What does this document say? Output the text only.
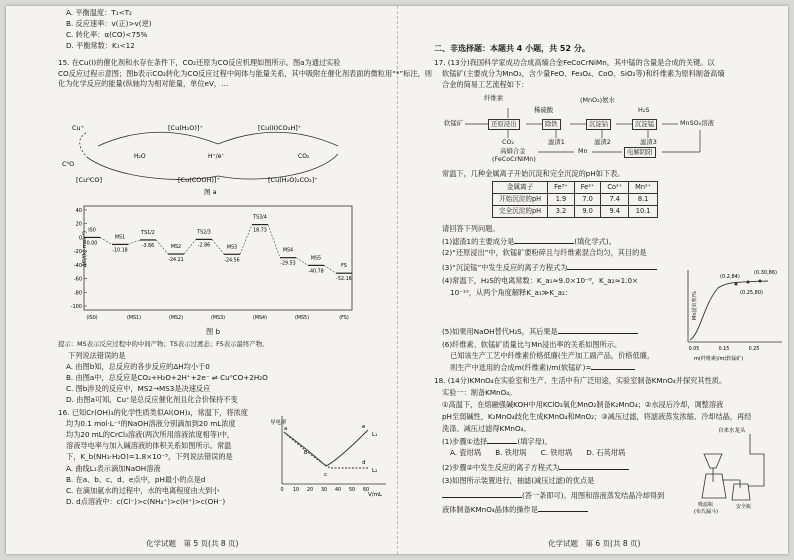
A. 平衡温度：T₁<T₂
B. 反应速率：v(正)>v(逆)
C. 转化率：α(CO)<75%
D. 平衡常数：K₁<12
15. 在Cu(I)的催化剂和水存在条件下，CO₂还原为CO反应机理如图所示。图a为通过实验
CO反应过程示意图；图b表示CO₂转化为CO反应过程中间体与能量关系，其中吸附在催化剂表面的微粒用“*”标注，则
化为化学反应的能量(纵轴均为相对能量，单位eV，…
Cu⁺	[Cu(H₂O)]⁺	[Cu(II)CO₂H]⁺
C⁰O
[Cu⁰CO]	[Cu(COOH)]⁺	[Cu(H₂O)₂CO₂]⁺
H₂O	H⁺/e⁻	CO₂
图 a
ΔG/(kJ·mol⁻¹)
40
20
0
-20
-40
-60
-80
-100
IS0
0.00
MS1
-10.18
TS1/2
-3.66	MS2
-24.21
TS2/3
-2.86	MS3
-24.56
TS3/4
18.73
MS4
-29.53
MS5
-40.78
FS
-52.16
(IS0)	(MS1)	(MS2)	(MS3)	(MS4)	(MS5)	(FS)
图 b
提示：MS表示反应过程中的中间产物；TS表示过渡态；FS表示最终产物。
下列说法错误的是
A. 由图b知，总反应的各步反应的ΔH均小于0
B. 由图a中，总反应是CO₂+H₂O+2H⁺+2e⁻ ⇌ Cu⁰CO+2H₂O
C. 图b涉及的反应中，MS2→MS3是决速反应
D. 由图a可知，Cu⁺是总反应催化剂且化合价保持不变
16. 已知Cr(OH)₃的化学性质类似Al(OH)₃，常温下，将浓度
均为0.1 mol·L⁻¹的NaOH溶液分别滴加到20 mL浓度
均为20 mL的CrCl₃溶液(两次所用溶液浓度相等)中，
溶液导电率与加入碱溶液的体积关系如图所示。常温
下，K_b(NH₃·H₂O)=1.8×10⁻⁵，下列说法错误的是
A. 曲线L₁表示滴加NaOH溶液
B. 在a、b、c、d、e点中，pH最小的点是d
C. 在滴加氨水的过程中，水的电离程度由大到小
D. d点溶液中：c(Cl⁻)>c(NH₄⁺)>c(H⁺)>c(OH⁻)
导电率
a
b
c
d
e
L₁
L₂
0 10 20 30 40 50 60
V/mL
化学试题　第 5 页(共 8 页)
二、非选择题：本题共 4 小题，共 52 分。
17. (13分)我国科学家成功合成高熵合金FeCoCrNiMn，其中锰的含量是合成的关键。以
软锰矿(主要成分为MnO₂，含少量FeO、Fe₃O₄、CoO、SiO₂等)和纤维素为原料制备高熵
合金的简易工艺流程如下：
纤维素
软锰矿	还原浸出
稀硫酸
除铁
(MnO₂)氨水
沉淀钴
H₂S
沉淀锰	MnSO₄溶液
CO₂	滤渣1	滤渣2	滤渣3
高熵合金
(FeCoCrNiMn)
Mn	电解阴阳
常温下，几种金属离子开始沉淀和完全沉淀的pH如下表。
金属离子	Fe³⁺	Fe²⁺	Co²⁺	Mn²⁺
开始沉淀的pH	1.9	7.0	7.4	8.1
完全沉淀的pH	3.2	9.0	9.4	10.1
请回答下列问题。
(1)滤渣1的主要成分是	(填化学式)。
(2)“还原浸出”中，软锰矿要粉碎且与纤维素混合均匀，其目的是
(3)“沉淀锰”中发生反应的离子方程式为
(4)常温下，H₂S的电离常数：K_a₁≈9.0×10⁻⁸，K_a₂≈1.0×
10⁻¹⁹，从两个角度解释K_a₁≫K_a₂：
(5)如果用NaOH替代H₂S，其后果是
(6)纤维素、软锰矿质量比与Mn浸出率的关系如图所示。
已知该生产工艺中纤维素价格低廉(生产加工副产品，价格低廉，
则生产中选用的合成m(纤维素)/m(软锰矿)=
Mn浸出率/%
(0.2,84)
(0.30,86)
(0.25,80)
0.05	0.15	0.25
m(纤维素)/m(软锰矿)
18. (14分)KMnO₄在实验室和生产、生活中有广泛用途，实验室制备KMnO₄并探究其性质。
实验一：制备KMnO₄。
①高温下，在熔融强碱KOH中用KClO₃氧化MnO₂制备K₂MnO₄；②水浸后冷却，调整溶液
pH至弱碱性，K₂MnO₄歧化生成KMnO₄和MnO₂；③减压过滤，将滤液蒸发浓缩、冷却结晶，再经
洗涤、减压过滤得KMnO₄。
(1)步骤①选择	(填字母)。
A. 瓷坩埚　　B. 铁坩埚　　C. 铁坩埚　　D. 石英坩埚
(2)步骤②中发生反应的离子方程式为
(3)如图所示装置进行，抽滤(减压过滤)的优点是
(答一条即可)。用图和溶液蒸发结晶冷却得到
液体制备KMnO₄晶体的操作是
自来水龙头
吸滤瓶
(布氏漏斗)
安全瓶
化学试题　第 6 页(共 8 页)
